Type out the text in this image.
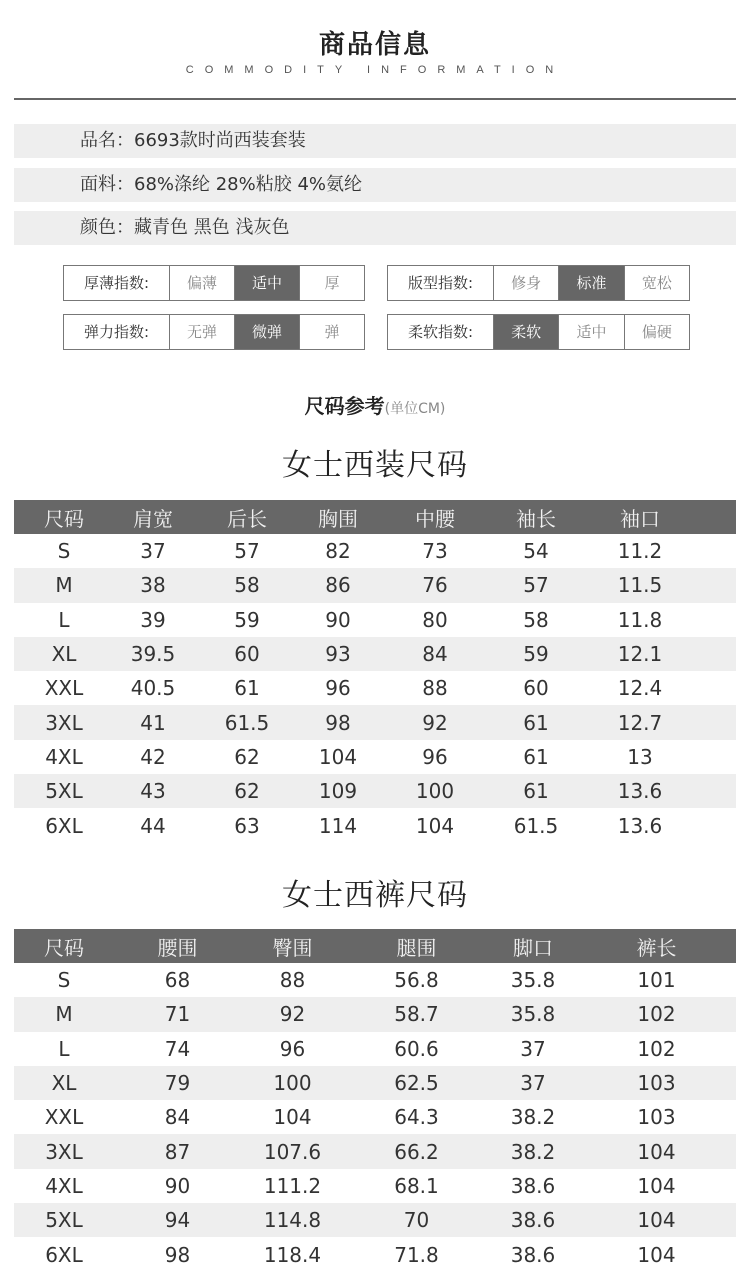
商品信息
COMMODITY INFORMATION
品名：6693款时尚西装套装
面料：68%涤纶 28%粘胶 4%氨纶
颜色：藏青色 黑色 浅灰色
厚薄指数:	偏薄	适中	厚	版型指数:	修身	标准	宽松
弹力指数:	无弹	微弹	弹	柔软指数:	柔软	适中	偏硬
尺码参考(单位CM)
女士西装尺码
尺码	肩宽	后长	胸围	中腰	袖长	袖口
S	37	57	82	73	54	11.2
M	38	58	86	76	57	11.5
L	39	59	90	80	58	11.8
XL	39.5	60	93	84	59	12.1
XXL	40.5	61	96	88	60	12.4
3XL	41	61.5	98	92	61	12.7
4XL	42	62	104	96	61	13
5XL	43	62	109	100	61	13.6
6XL	44	63	114	104	61.5	13.6
女士西裤尺码
尺码	腰围	臀围	腿围	脚口	裤长
S	68	88	56.8	35.8	101
M	71	92	58.7	35.8	102
L	74	96	60.6	37	102
XL	79	100	62.5	37	103
XXL	84	104	64.3	38.2	103
3XL	87	107.6	66.2	38.2	104
4XL	90	111.2	68.1	38.6	104
5XL	94	114.8	70	38.6	104
6XL	98	118.4	71.8	38.6	104
